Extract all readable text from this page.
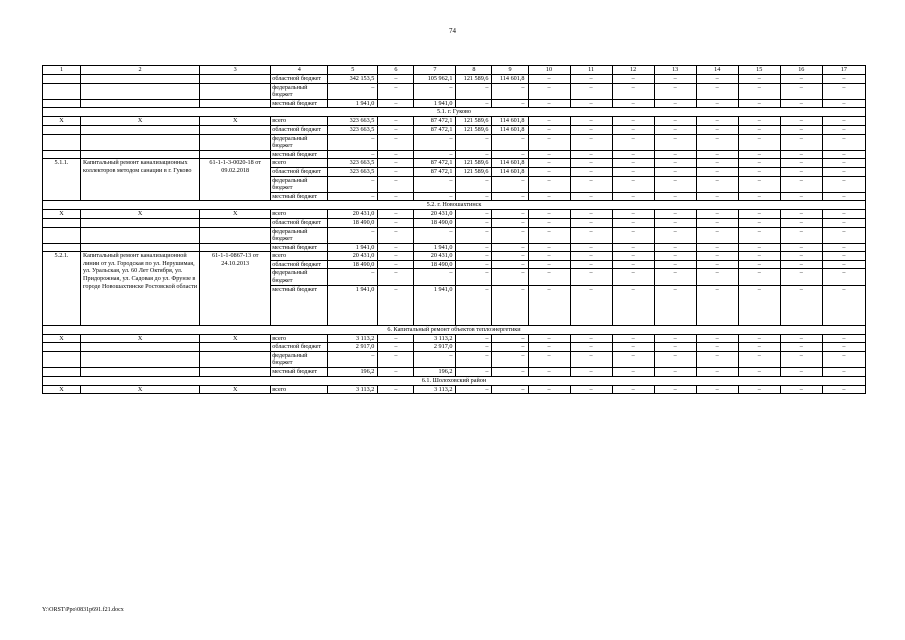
74
1	2	3	4	5	6	7	8	9	10	11	12	13	14	15	16	17
			областной бюджет	342 153,5	–	105 962,1	121 589,6	114 601,8	–	–	–	–	–	–	–	–
			федеральный бюджет	–	–	–	–	–	–	–	–	–	–	–	–	–
			местный бюджет	1 941,0	–	1 941,0	–	–	–	–	–	–	–	–	–	–
5.1. г. Гуково																
X	X	X	всего	323 663,5	–	87 472,1	121 589,6	114 601,8	–	–	–	–	–	–	–	–
			областной бюджет	323 663,5	–	87 472,1	121 589,6	114 601,8	–	–	–	–	–	–	–	–
			федеральный бюджет	–	–	–	–	–	–	–	–	–	–	–	–	–
			местный бюджет	–	–	–	–	–	–	–	–	–	–	–	–	–
5.1.1.	Капитальный ремонт канализационных коллекторов методом санации в г. Гуково	61-1-1-3-0020-18 от 09.02.2018	всего	323 663,5	–	87 472,1	121 589,6	114 601,8	–	–	–	–	–	–	–	–
			областной бюджет	323 663,5	–	87 472,1	121 589,6	114 601,8	–	–	–	–	–	–	–	–
			федеральный бюджет	–	–	–	–	–	–	–	–	–	–	–	–	–
			местный бюджет	–	–	–	–	–	–	–	–	–	–	–	–	–
5.2. г. Новошахтинск																
X	X	X	всего	20 431,0	–	20 431,0	–	–	–	–	–	–	–	–	–	–
			областной бюджет	18 490,0	–	18 490,0	–	–	–	–	–	–	–	–	–	–
			федеральный бюджет	–	–	–	–	–	–	–	–	–	–	–	–	–
			местный бюджет	1 941,0	–	1 941,0	–	–	–	–	–	–	–	–	–	–
5.2.1.	Капитальный ремонт канализационной линии от ул. Городская по ул. Нерушимая, ул. Уральская, ул. 60 Лет Октября, ул. Придорожная, ул. Садовая до ул. Фрунзе в городе Новошахтинске Ростовской области	61-1-1-0867-13 от 24.10.2013	всего	20 431,0	–	20 431,0	–	–	–	–	–	–	–	–	–	–
			областной бюджет	18 490,0	–	18 490,0	–	–	–	–	–	–	–	–	–	–
			федеральный бюджет	–	–	–	–	–	–	–	–	–	–	–	–	–
			местный бюджет	1 941,0	–	1 941,0	–	–	–	–	–	–	–	–	–	–
6. Капитальный ремонт объектов теплоэнергетики																
X	X	X	всего	3 113,2	–	3 113,2	–	–	–	–	–	–	–	–	–	–
			областной бюджет	2 917,0	–	2 917,0	–	–	–	–	–	–	–	–	–	–
			федеральный бюджет	–	–	–	–	–	–	–	–	–	–	–	–	–
			местный бюджет	196,2	–	196,2	–	–	–	–	–	–	–	–	–	–
6.1. Шолоховский район																
X	X	X	всего	3 113,2	–	3 113,2	–	–	–	–	–	–	–	–	–	–
Y:\ORST\Ppo\0831p691.f21.docx
